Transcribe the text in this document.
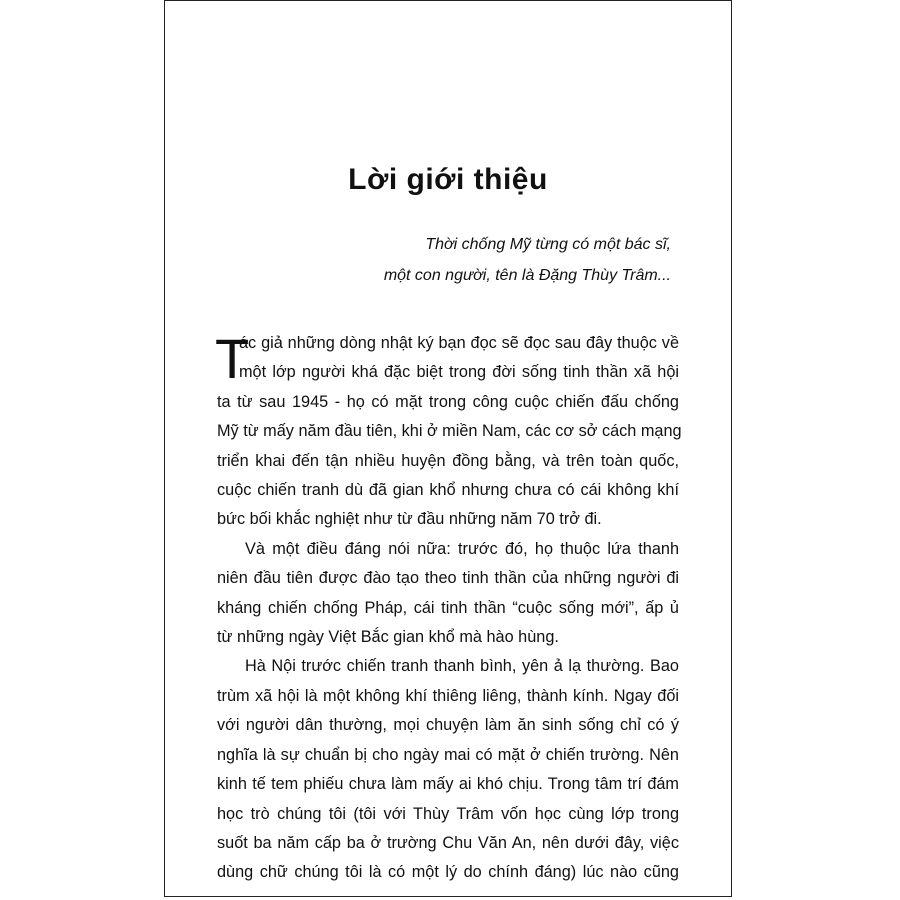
Lời giới thiệu
Thời chống Mỹ từng có một bác sĩ,
một con người, tên là Đặng Thùy Trâm...
T
ác giả những dòng nhật ký bạn đọc sẽ đọc sau đây thuộc về
một lớp người khá đặc biệt trong đời sống tinh thần xã hội
ta từ sau 1945 - họ có mặt trong công cuộc chiến đấu chống
Mỹ từ mấy năm đầu tiên, khi ở miền Nam, các cơ sở cách mạng
triển khai đến tận nhiều huyện đồng bằng, và trên toàn quốc,
cuộc chiến tranh dù đã gian khổ nhưng chưa có cái không khí
bức bối khắc nghiệt như từ đầu những năm 70 trở đi.
Và một điều đáng nói nữa: trước đó, họ thuộc lứa thanh
niên đầu tiên được đào tạo theo tinh thần của những người đi
kháng chiến chống Pháp, cái tinh thần “cuộc sống mới”, ấp ủ
từ những ngày Việt Bắc gian khổ mà hào hùng.
Hà Nội trước chiến tranh thanh bình, yên ả lạ thường. Bao
trùm xã hội là một không khí thiêng liêng, thành kính. Ngay đối
với người dân thường, mọi chuyện làm ăn sinh sống chỉ có ý
nghĩa là sự chuẩn bị cho ngày mai có mặt ở chiến trường. Nên
kinh tế tem phiếu chưa làm mấy ai khó chịu. Trong tâm trí đám
học trò chúng tôi (tôi với Thùy Trâm vốn học cùng lớp trong
suốt ba năm cấp ba ở trường Chu Văn An, nên dưới đây, việc
dùng chữ chúng tôi là có một lý do chính đáng) lúc nào cũng
